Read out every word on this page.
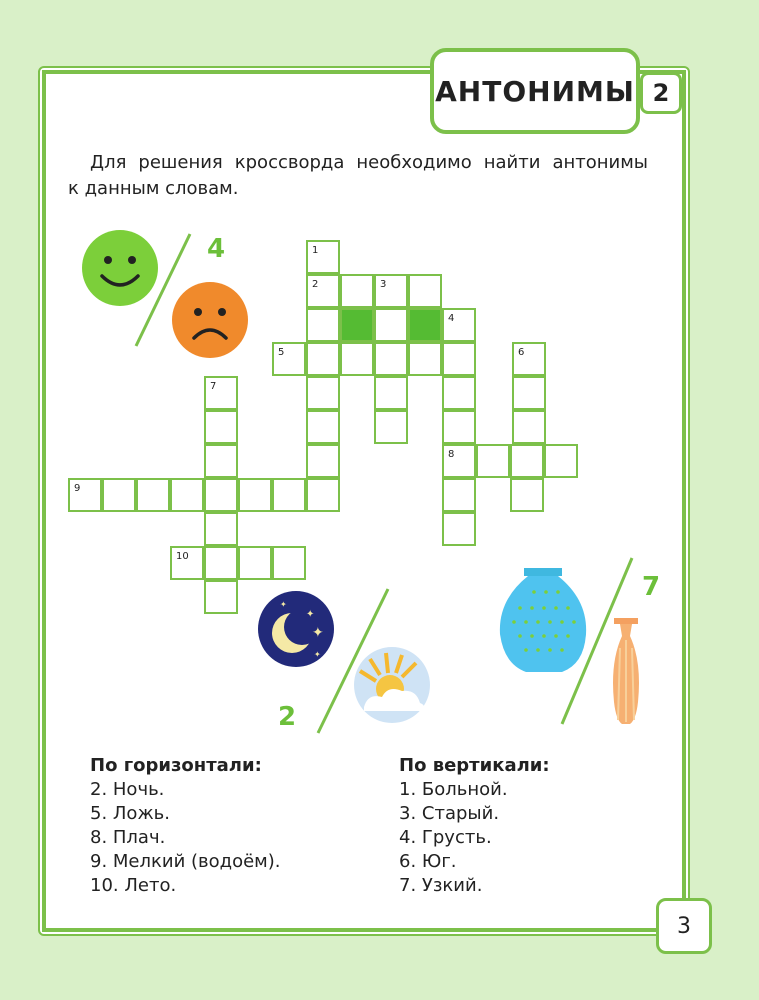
АНТОНИМЫ 2
Для решения кроссворда необходимо найти антонимы
к данным словам.
1
2	3
4
5	6
7
8
9
10
4
✦
✦
✦
✦
2
7
По горизонтали:
2. Ночь.
5. Ложь.
8. Плач.
9. Мелкий (водоём).
10. Лето.
По вертикали:
1. Больной.
3. Старый.
4. Грусть.
6. Юг.
7. Узкий.
3
